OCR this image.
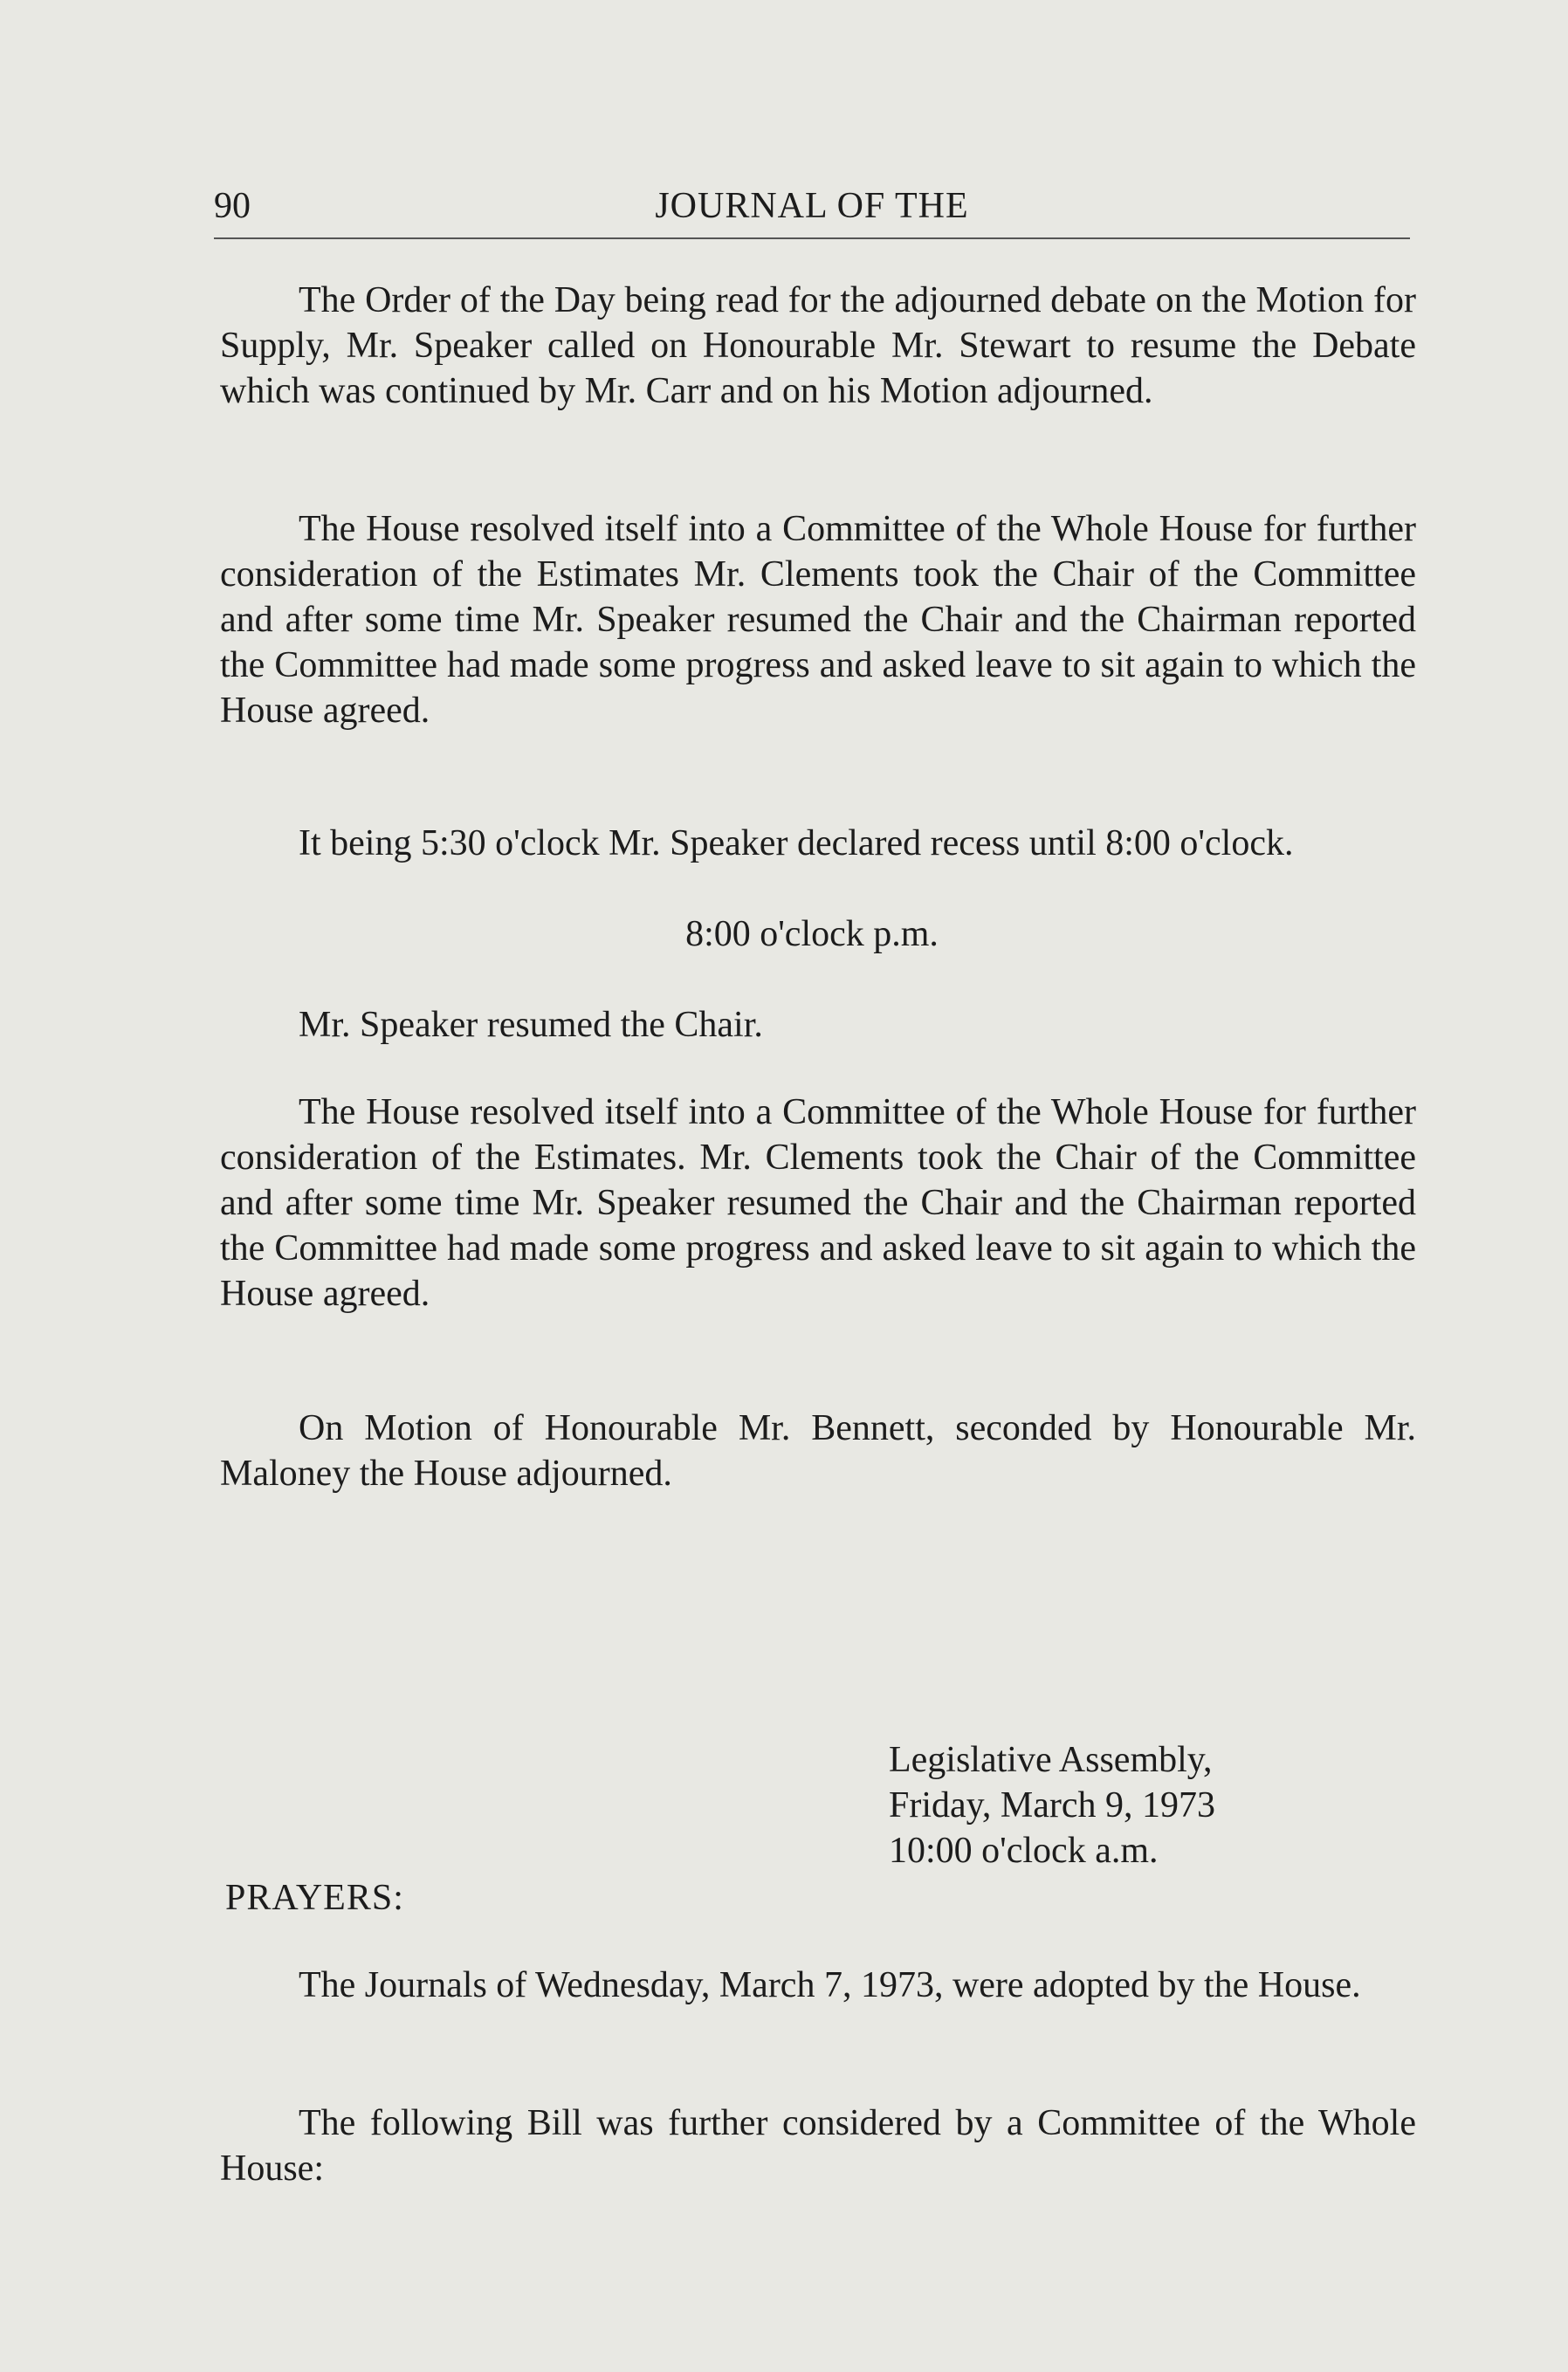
90	JOURNAL OF THE

The Order of the Day being read for the adjourned debate on the Motion for Supply, Mr. Speaker called on Honourable Mr. Stewart to resume the Debate which was continued by Mr. Carr and on his Motion adjourned.

The House resolved itself into a Committee of the Whole House for further consideration of the Estimates Mr. Clements took the Chair of the Committee and after some time Mr. Speaker resumed the Chair and the Chairman reported the Committee had made some progress and asked leave to sit again to which the House agreed.

It being 5:30 o'clock Mr. Speaker declared recess until 8:00 o'clock.

8:00 o'clock p.m.

Mr. Speaker resumed the Chair.

The House resolved itself into a Committee of the Whole House for further consideration of the Estimates. Mr. Clements took the Chair of the Committee and after some time Mr. Speaker resumed the Chair and the Chairman reported the Committee had made some progress and asked leave to sit again to which the House agreed.

On Motion of Honourable Mr. Bennett, seconded by Honourable Mr. Maloney the House adjourned.

Legislative Assembly,
Friday, March 9, 1973
10:00 o'clock a.m.
PRAYERS:

The Journals of Wednesday, March 7, 1973, were adopted by the House.

The following Bill was further considered by a Committee of the Whole House:
